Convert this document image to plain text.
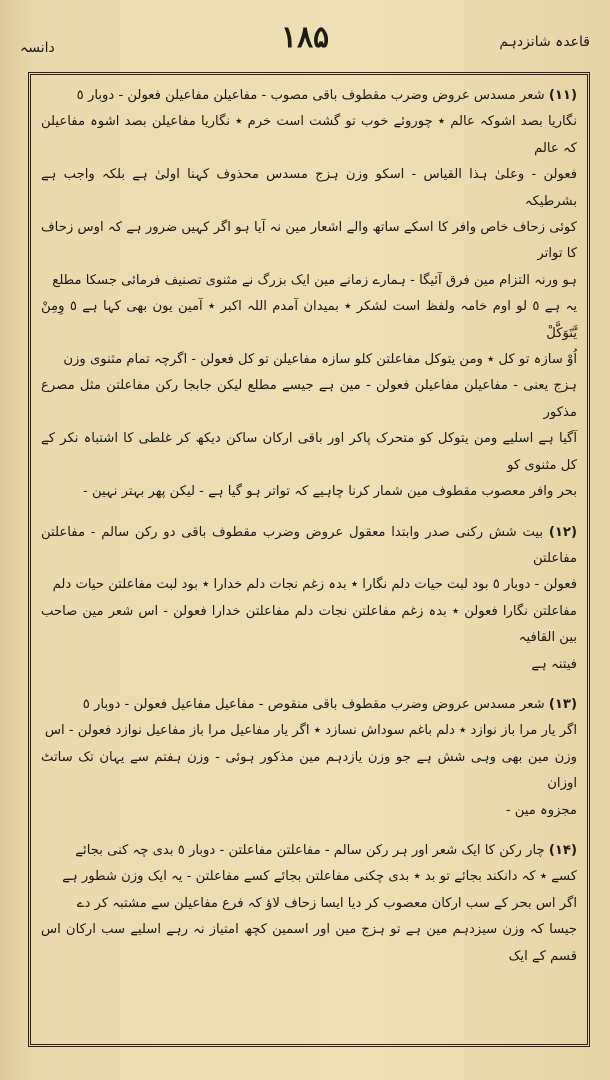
قاعدہ شانزدہم
۱۸۵
دانسہ

(۱۱) شعر مسدس عروض وضرب مقطوف باقی مصوب - مفاعیلن مفاعیلن فعولن - دوبار ٥

نگاریا بصد اشوکہ عالم ٭ چوروئے خوب تو گشت است خرم ٭ نگاریا مفاعیلن بصد اشوہ مفاعیلن کہ عالم

فعولن - وعلیٰ ہذا القیاس - اسکو وزن ہزج مسدس محذوف کہنا اولیٰ ہے بلکہ واجب ہے بشرطیکہ

کوئی زحاف خاص وافر کا اسکے ساتھ والے اشعار مین نہ آیا ہو اگر کہیں ضرور ہے کہ اوس زحاف کا تواتر

ہو ورنہ التزام مین فرق آئیگا - ہمارے زمانے مین ایک بزرگ نے مثنوی تصنیف فرمائی جسکا مطلع

یہ ہے ٥ لو اوم خامہ ولفظ است لشکر ٭ بمیدان آمدم اللہ اکبر ٭ آمین یون بھی کہا ہے ٥ وِمِنْ یَّتَوَکَّلْ

اُوْ سازہ تو کل ٭ ومن یتوکل مفاعلتن کلو سازہ مفاعیلن تو کل فعولن - اگرچہ تمام مثنوی وزن

ہزج یعنی - مفاعیلن مفاعیلن فعولن - مین ہے جیسے مطلع لیکن جابجا رکن مفاعلتن مثل مصرع مذکور

آگیا ہے اسلیے ومن یتوکل کو متحرک پاکر اور باقی ارکان ساکن دیکھ کر غلطی کا اشتباہ نکر کے کل مثنوی کو

بحر وافر معصوب مقطوف مین شمار کرنا چاہیے کہ تواتر ہو گیا ہے - لیکن پھر بہتر نہین -

(۱۲) بیت شش رکنی صدر وابتدا معقول عروض وضرب مقطوف باقی دو رکن سالم - مفاعلتن مفاعلتن

فعولن - دوبار ٥ بود لبت حیات دلم نگارا ٭ بدہ زغم نجات دلم خدارا ٭ بود لبت مفاعلتن حیات دلم

مفاعلتن نگارا فعولن ٭ بدہ زغم مفاعلتن نجات دلم مفاعلتن خدارا فعولن - اس شعر مین صاحب بین القافیہ

فیتنہ ہے

(۱۳) شعر مسدس عروض وضرب مقطوف باقی منقوص - مفاعیل مفاعیل فعولن - دوبار ٥

اگر یار مرا باز نوازد ٭ دلم باغم سوداش نسازد ٭ اگر یار مفاعیل مرا باز مفاعیل نوازد فعولن - اس

وزن مین بھی وہی شش ہے جو وزن یازدہم مین مذکور ہوئی - وزن ہفتم سے یہان تک ساتٹ اوزان

مجزوہ مین -

(۱۴) چار رکن کا ایک شعر اور ہر رکن سالم - مفاعلتن مفاعلتن - دوبار ٥ بدی چہ کنی بجائے

کسے ٭ کہ دانکند بجائے تو بد ٭ بدی چکنی مفاعلتن بجائے کسے مفاعلتن - یہ ایک وزن شطور ہے

اگر اس بحر کے سب ارکان معصوب کر دیا ایسا زحاف لاؤ کہ فرع مفاعیلن سے مشتبہ کر دے

جیسا کہ وزن سیزدہم مین ہے تو ہزج مین اور اسمین کچھ امتیاز نہ رہے اسلیے سب ارکان اس قسم کے ایک
